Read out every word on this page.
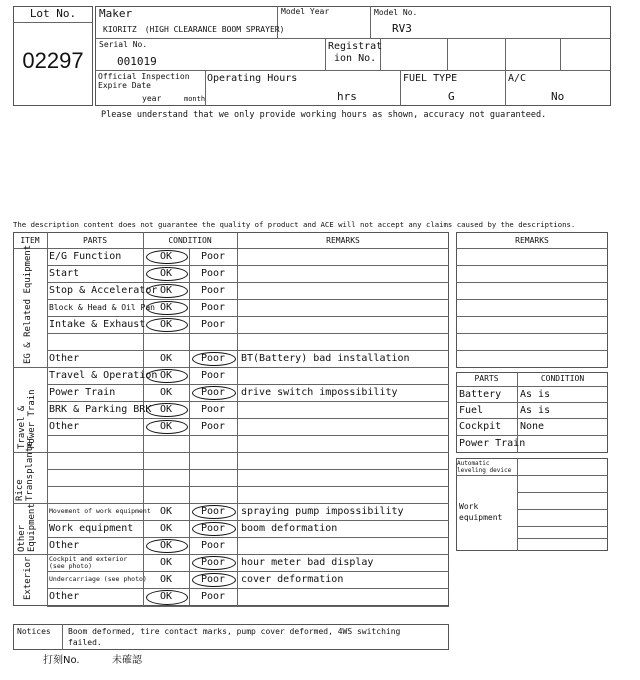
Lot No.
02297
Maker
KIORITZ　(HIGH CLEARANCE BOOM SPRAYER)
Model Year	Model No.
RV3
Serial No.
001019
Registrat
ion No.
Official Inspection
Expire Date
year	month
Operating Hours
hrs
FUEL TYPE
G
A/C
No
Please understand that we only provide working hours as shown, accuracy not guaranteed.
The description content does not guarantee the quality of product and ACE will not accept any claims caused by the descriptions.
ITEM	PARTS	CONDITION	REMARKS
EG & Related Equipment
Travel & Power Train
Rice Transplanter
Other Equipment
Exterior
E/G Function	OK	Poor
Start	OK	Poor
Stop & Accelerator OK	Poor
Block & Head & Oil Pan OK	Poor
Intake & Exhaust	OK	Poor
Other	OK	Poor	BT(Battery) bad installation
Travel & Operation OK	Poor
Power Train	OK	Poor	drive switch impossibility
BRK & Parking BRK OK	Poor
Other	OK	Poor
Movement of work equipment OK	Poor	spraying pump impossibility
Work equipment	OK	Poor	boom deformation
Other	OK	Poor
Cockpit and exterior (see photo)	OK	Poor	hour meter bad display
Undercarriage (see photo)	OK	Poor	cover deformation
Other	OK	Poor
REMARKS
PARTS	CONDITION
Battery As is
Fuel	As is
Cockpit None
Power Train
Automatic leveling device
Work
equipment
Notices Boom deformed, tire contact marks, pump cover deformed, 4WS switching
failed.
打刻No.	未確認
